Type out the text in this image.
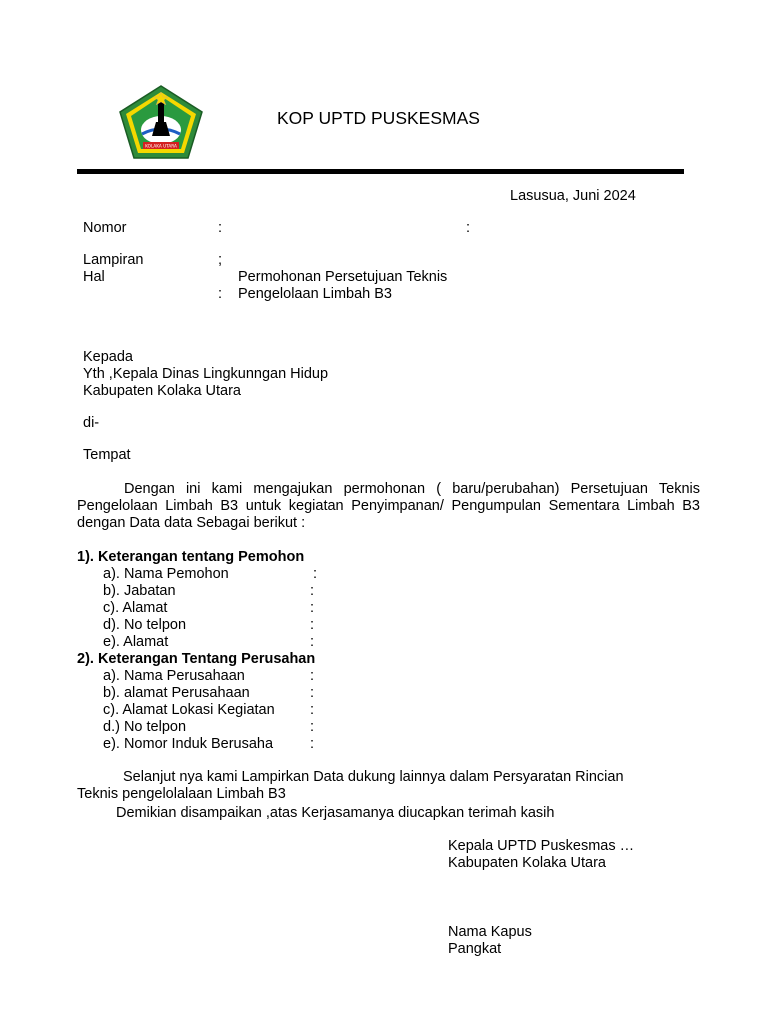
KOLAKA UTARA
KOP UPTD PUSKESMAS
Lasusua, Juni 2024
Nomor	:	:
Lampiran	;
Hal	Permohonan Persetujuan Teknis
: Pengelolaan Limbah B3
Kepada
Yth ,Kepala Dinas Lingkunngan Hidup
Kabupaten Kolaka Utara
di-
Tempat
Dengan ini kami mengajukan permohonan ( baru/perubahan) Persetujuan Teknis Pengelolaan Limbah B3 untuk kegiatan Penyimpanan/ Pengumpulan Sementara Limbah B3 dengan Data data Sebagai berikut :
1). Keterangan tentang Pemohon
a). Nama Pemohon	:
b). Jabatan	:
c). Alamat	:
d). No telpon	:
e). Alamat	:
2). Keterangan Tentang Perusahan
a). Nama Perusahaan	:
b). alamat Perusahaan	:
c). Alamat Lokasi Kegiatan :
d.) No telpon	:
e). Nomor Induk Berusaha	:
Selanjut nya kami Lampirkan Data dukung lainnya dalam Persyaratan Rincian Teknis pengelolalaan Limbah B3
Demikian disampaikan ,atas Kerjasamanya diucapkan terimah kasih
Kepala UPTD Puskesmas …
Kabupaten Kolaka Utara
Nama Kapus
Pangkat
